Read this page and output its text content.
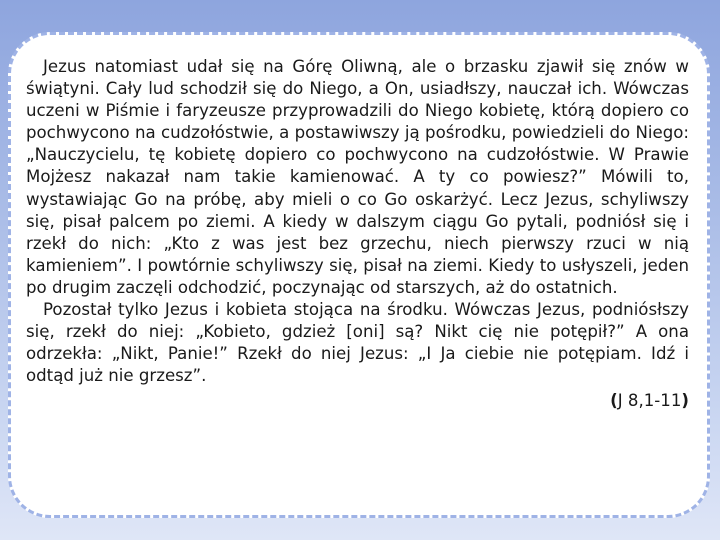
Jezus natomiast udał się na Górę Oliwną, ale o brzasku zjawił się znów w świątyni. Cały lud schodził się do Niego, a On, usiadłszy, nauczał ich. Wówczas uczeni w Piśmie i faryzeusze przyprowadzili do Niego kobietę, którą dopiero co pochwycono na cudzołóstwie, a postawiwszy ją pośrodku, powiedzieli do Niego: „Nauczycielu, tę kobietę dopiero co pochwycono na cudzołóstwie. W Prawie Mojżesz nakazał nam takie kamienować. A ty co powiesz?” Mówili to, wystawiając Go na próbę, aby mieli o co Go oskarżyć. Lecz Jezus, schyliwszy się, pisał palcem po ziemi. A kiedy w dalszym ciągu Go pytali, podniósł się i rzekł do nich: „Kto z was jest bez grzechu, niech pierwszy rzuci w nią kamieniem”. I powtórnie schyliwszy się, pisał na ziemi. Kiedy to usłyszeli, jeden po drugim zaczęli odchodzić, poczynając od starszych, aż do ostatnich.

Pozostał tylko Jezus i kobieta stojąca na środku. Wówczas Jezus, podniósłszy się, rzekł do niej: „Kobieto, gdzież [oni] są? Nikt cię nie potępił?” A ona odrzekła: „Nikt, Panie!” Rzekł do niej Jezus: „I Ja ciebie nie potępiam. Idź i odtąd już nie grzesz”.

(J 8,1-11)
